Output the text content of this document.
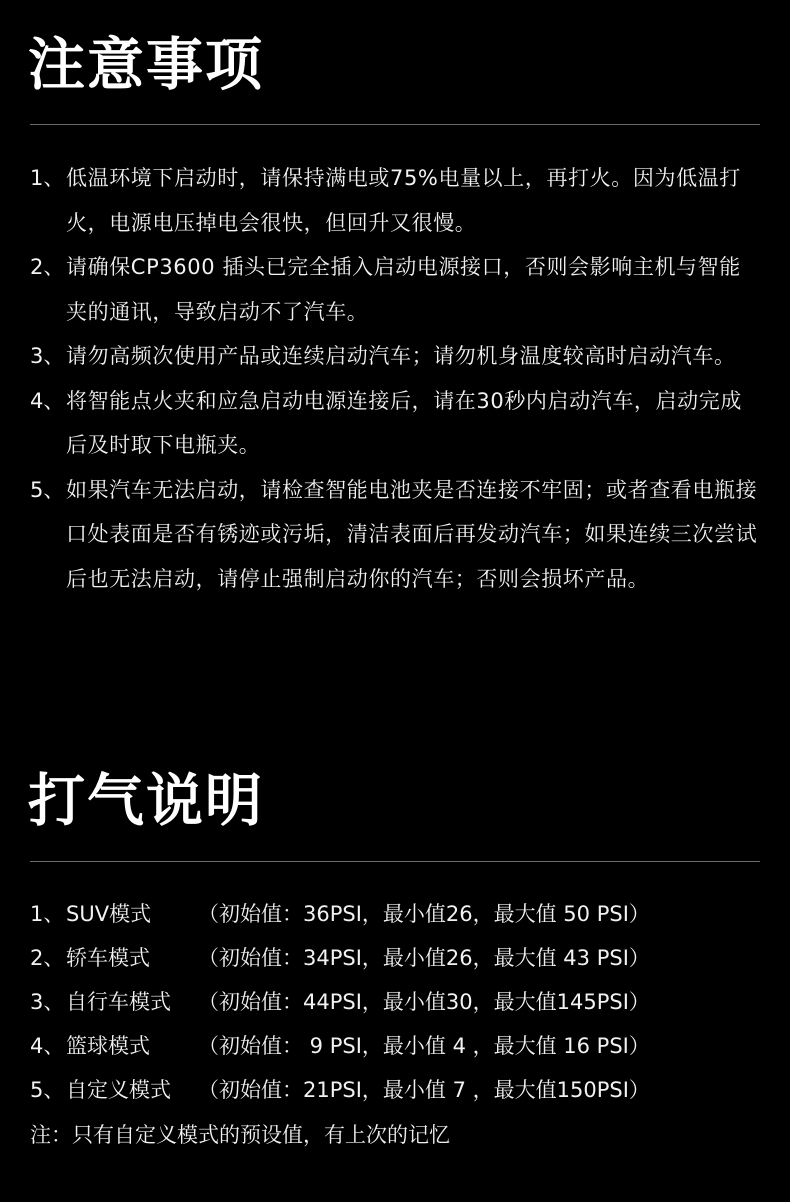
注意事项
1、 低温环境下启动时，请保持满电或75%电量以上，再打火。因为低温打火，电源电压掉电会很快，但回升又很慢。
2、 请确保CP3600 插头已完全插入启动电源接口，否则会影响主机与智能夹的通讯，导致启动不了汽车。
3、 请勿高频次使用产品或连续启动汽车；请勿机身温度较高时启动汽车。
4、 将智能点火夹和应急启动电源连接后，请在30秒内启动汽车，启动完成后及时取下电瓶夹。
5、 如果汽车无法启动，请检查智能电池夹是否连接不牢固；或者查看电瓶接口处表面是否有锈迹或污垢，清洁表面后再发动汽车；如果连续三次尝试后也无法启动，请停止强制启动你的汽车；否则会损坏产品。
打气说明
1、 SUV模式	（初始值：36PSI，最小值26，最大值 50 PSI）
2、 轿车模式	（初始值：34PSI，最小值26，最大值 43 PSI）
3、 自行车模式	（初始值：44PSI，最小值30，最大值145PSI）
4、 篮球模式	（初始值： 9 PSI，最小值 4 ，最大值 16 PSI）
5、 自定义模式	（初始值：21PSI，最小值 7 ，最大值150PSI）

注：只有自定义模式的预设值，有上次的记忆
